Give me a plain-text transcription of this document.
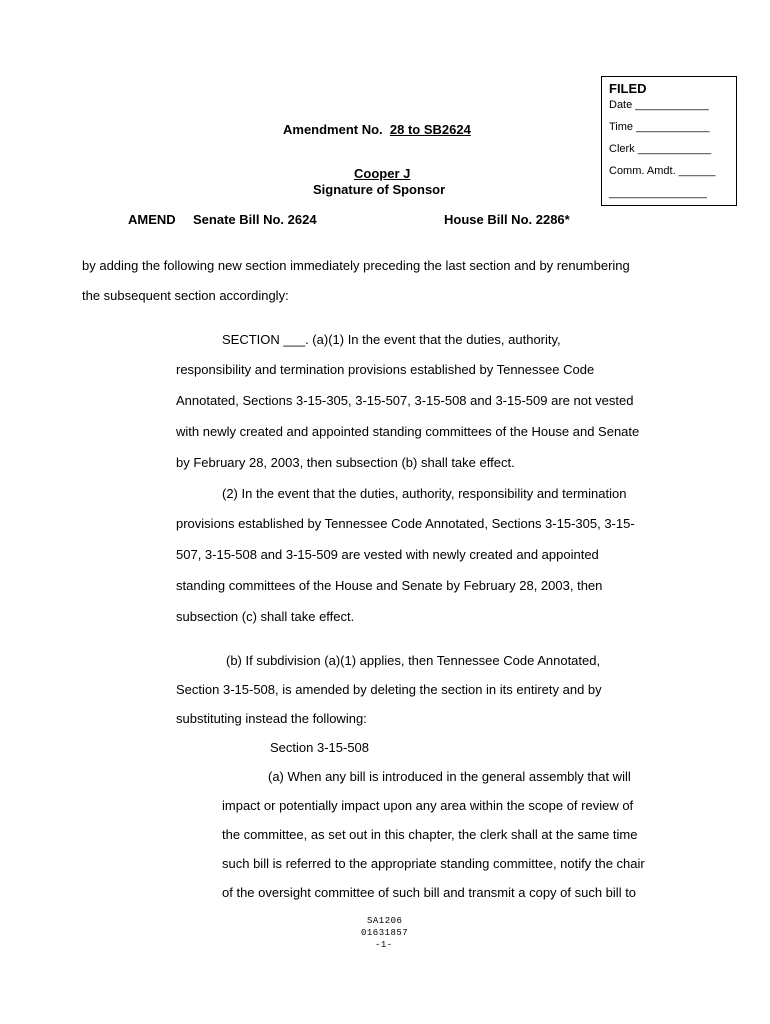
FILED
Date ____________
Time ____________
Clerk ____________
Comm. Amdt. ______
________________
Amendment No. 28 to SB2624
Cooper J
Signature of Sponsor
AMEND Senate Bill No. 2624	House Bill No. 2286*
by adding the following new section immediately preceding the last section and by renumbering
the subsequent section accordingly:
SECTION ___. (a)(1) In the event that the duties, authority,
responsibility and termination provisions established by Tennessee Code
Annotated, Sections 3-15-305, 3-15-507, 3-15-508 and 3-15-509 are not vested
with newly created and appointed standing committees of the House and Senate
by February 28, 2003, then subsection (b) shall take effect.
(2) In the event that the duties, authority, responsibility and termination
provisions established by Tennessee Code Annotated, Sections 3-15-305, 3-15-
507, 3-15-508 and 3-15-509 are vested with newly created and appointed
standing committees of the House and Senate by February 28, 2003, then
subsection (c) shall take effect.
(b) If subdivision (a)(1) applies, then Tennessee Code Annotated,
Section 3-15-508, is amended by deleting the section in its entirety and by
substituting instead the following:
Section 3-15-508
(a) When any bill is introduced in the general assembly that will
impact or potentially impact upon any area within the scope of review of
the committee, as set out in this chapter, the clerk shall at the same time
such bill is referred to the appropriate standing committee, notify the chair
of the oversight committee of such bill and transmit a copy of such bill to
SA1206
01631857
-1-
